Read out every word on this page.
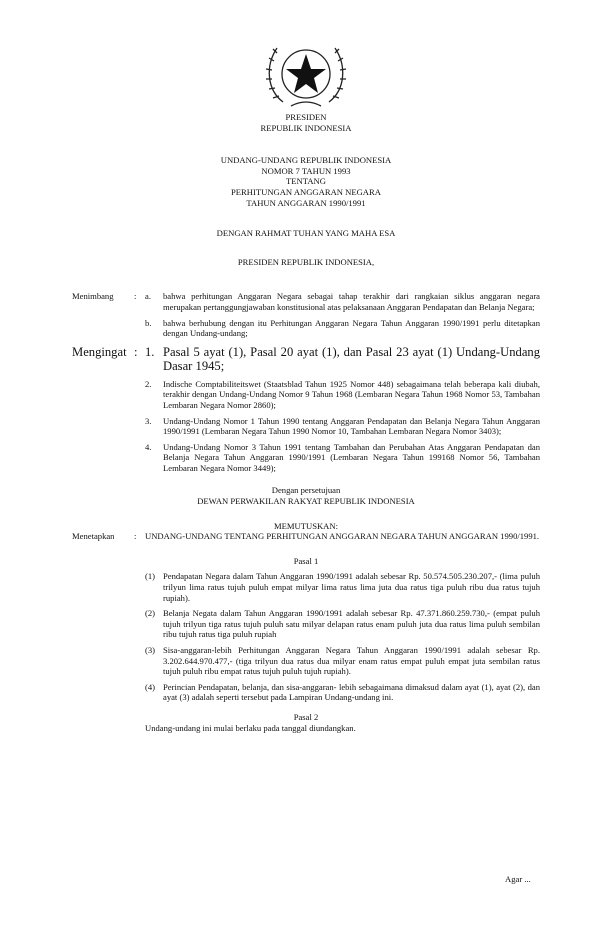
PRESIDEN
REPUBLIK INDONESIA
UNDANG-UNDANG REPUBLIK INDONESIA
NOMOR 7 TAHUN 1993
TENTANG
PERHITUNGAN ANGGARAN NEGARA
TAHUN ANGGARAN 1990/1991
DENGAN RAHMAT TUHAN YANG MAHA ESA
PRESIDEN REPUBLIK INDONESIA,
Menimbang : a. bahwa perhitungan Anggaran Negara sebagai tahap terakhir dari rangkaian siklus anggaran negara merupakan pertanggungjawaban konstitusional atas pelaksanaan Anggaran Pendapatan dan Belanja Negara;
b. bahwa berhubung dengan itu Perhitungan Anggaran Negara Tahun Anggaran 1990/1991 perlu ditetapkan dengan Undang-undang;
Mengingat : 1. Pasal 5 ayat (1), Pasal 20 ayat (1), dan Pasal 23 ayat (1) Undang-Undang Dasar 1945;
2. Indische Comptabiliteitswet (Staatsblad Tahun 1925 Nomor 448) sebagaimana telah beberapa kali diubah, terakhir dengan Undang-Undang Nomor 9 Tahun 1968 (Lembaran Negara Tahun 1968 Nomor 53, Tambahan Lembaran Negara Nomor 2860);
3. Undang-Undang Nomor 1 Tahun 1990 tentang Anggaran Pendapatan dan Belanja Negara Tahun Anggaran 1990/1991 (Lembaran Negara Tahun 1990 Nomor 10, Tambahan Lembaran Negara Nomor 3403);
4. Undang-Undang Nomor 3 Tahun 1991 tentang Tambahan dan Perubahan Atas Anggaran Pendapatan dan Belanja Negara Tahun Anggaran 1990/1991 (Lembaran Negara Tahun 199168 Nomor 56, Tambahan Lembaran Negara Nomor 3449);
Dengan persetujuan
DEWAN PERWAKILAN RAKYAT REPUBLIK INDONESIA
MEMUTUSKAN:
Menetapkan : UNDANG-UNDANG TENTANG PERHITUNGAN ANGGARAN NEGARA TAHUN ANGGARAN 1990/1991.
Pasal 1
(1) Pendapatan Negara dalam Tahun Anggaran 1990/1991 adalah sebesar Rp. 50.574.505.230.207,- (lima puluh trilyun lima ratus tujuh puluh empat milyar lima ratus lima juta dua ratus tiga puluh ribu dua ratus tujuh rupiah).
(2) Belanja Negata dalam Tahun Anggaran 1990/1991 adalah sebesar Rp. 47.371.860.259.730,- (empat puluh tujuh trilyun tiga ratus tujuh puluh satu milyar delapan ratus enam puluh juta dua ratus lima puluh sembilan ribu tujuh ratus tiga puluh rupiah
(3) Sisa-anggaran-lebih Perhitungan Anggaran Negara Tahun Anggaran 1990/1991 adalah sebesar Rp. 3.202.644.970.477,- (tiga trilyun dua ratus dua milyar enam ratus empat puluh empat juta sembilan ratus tujuh puluh ribu empat ratus tujuh puluh tujuh rupiah).
(4) Perincian Pendapatan, belanja, dan sisa-anggaran- lebih sebagaimana dimaksud dalam ayat (1), ayat (2), dan ayat (3) adalah seperti tersebut pada Lampiran Undang-undang ini.
Pasal 2
Undang-undang ini mulai berlaku pada tanggal diundangkan.
Agar ...
